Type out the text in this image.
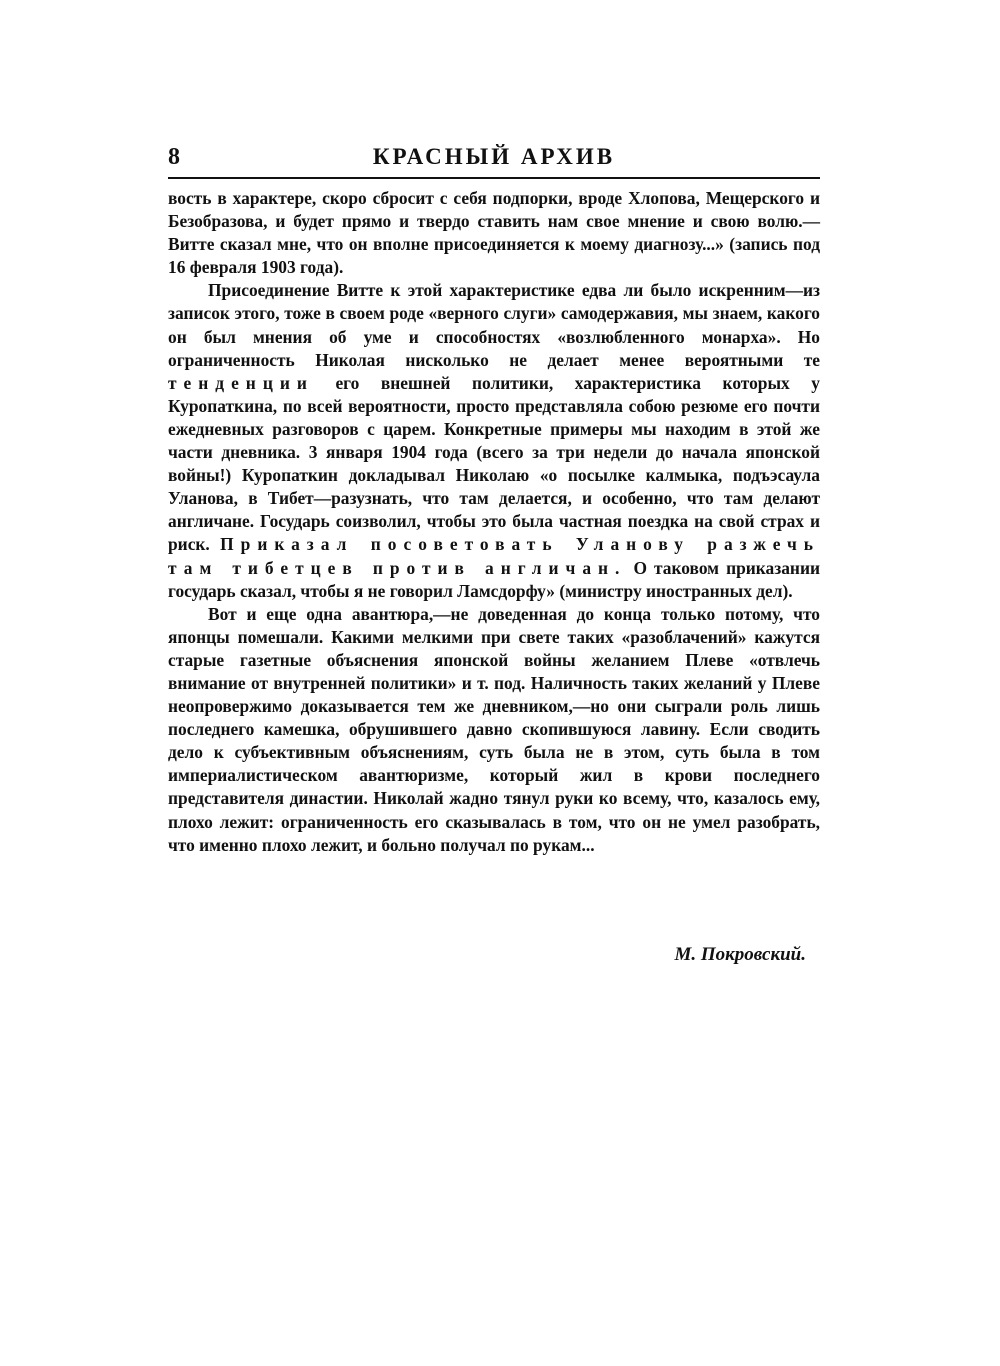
8	КРАСНЫЙ АРХИВ

вость в характере, скоро сбросит с себя подпорки, вроде Хлопова, Мещерского и Безобразова, и будет прямо и твердо ставить нам свое мнение и свою волю.—Витте сказал мне, что он вполне присоединяется к моему диагнозу...» (запись под 16 февраля 1903 года).

Присоединение Витте к этой характеристике едва ли было искренним—из записок этого, тоже в своем роде «верного слуги» самодержавия, мы знаем, какого он был мнения об уме и способностях «возлюбленного монарха». Но ограниченность Николая нисколько не делает менее вероятными те тенденции его внешней политики, характеристика которых у Куропаткина, по всей вероятности, просто представляла собою резюме его почти ежедневных разговоров с царем. Конкретные примеры мы находим в этой же части дневника. 3 января 1904 года (всего за три недели до начала японской войны!) Куропаткин докладывал Николаю «о посылке калмыка, подъэсаула Уланова, в Тибет—разузнать, что там делается, и особенно, что там делают англичане. Государь соизволил, чтобы это была частная поездка на свой страх и риск. Приказал посоветовать Уланову разжечь там тибетцев против англичан. О таковом приказании государь сказал, чтобы я не говорил Ламсдорфу» (министру иностранных дел).

Вот и еще одна авантюра,—не доведенная до конца только потому, что японцы помешали. Какими мелкими при свете таких «разоблачений» кажутся старые газетные объяснения японской войны желанием Плеве «отвлечь внимание от внутренней политики» и т. под. Наличность таких желаний у Плеве неопровержимо доказывается тем же дневником,—но они сыграли роль лишь последнего камешка, обрушившего давно скопившуюся лавину. Если сводить дело к субъективным объяснениям, суть была не в этом, суть была в том империалистическом авантюризме, который жил в крови последнего представителя династии. Николай жадно тянул руки ко всему, что, казалось ему, плохо лежит: ограниченность его сказывалась в том, что он не умел разобрать, что именно плохо лежит, и больно получал по рукам...

М. Покровский.
